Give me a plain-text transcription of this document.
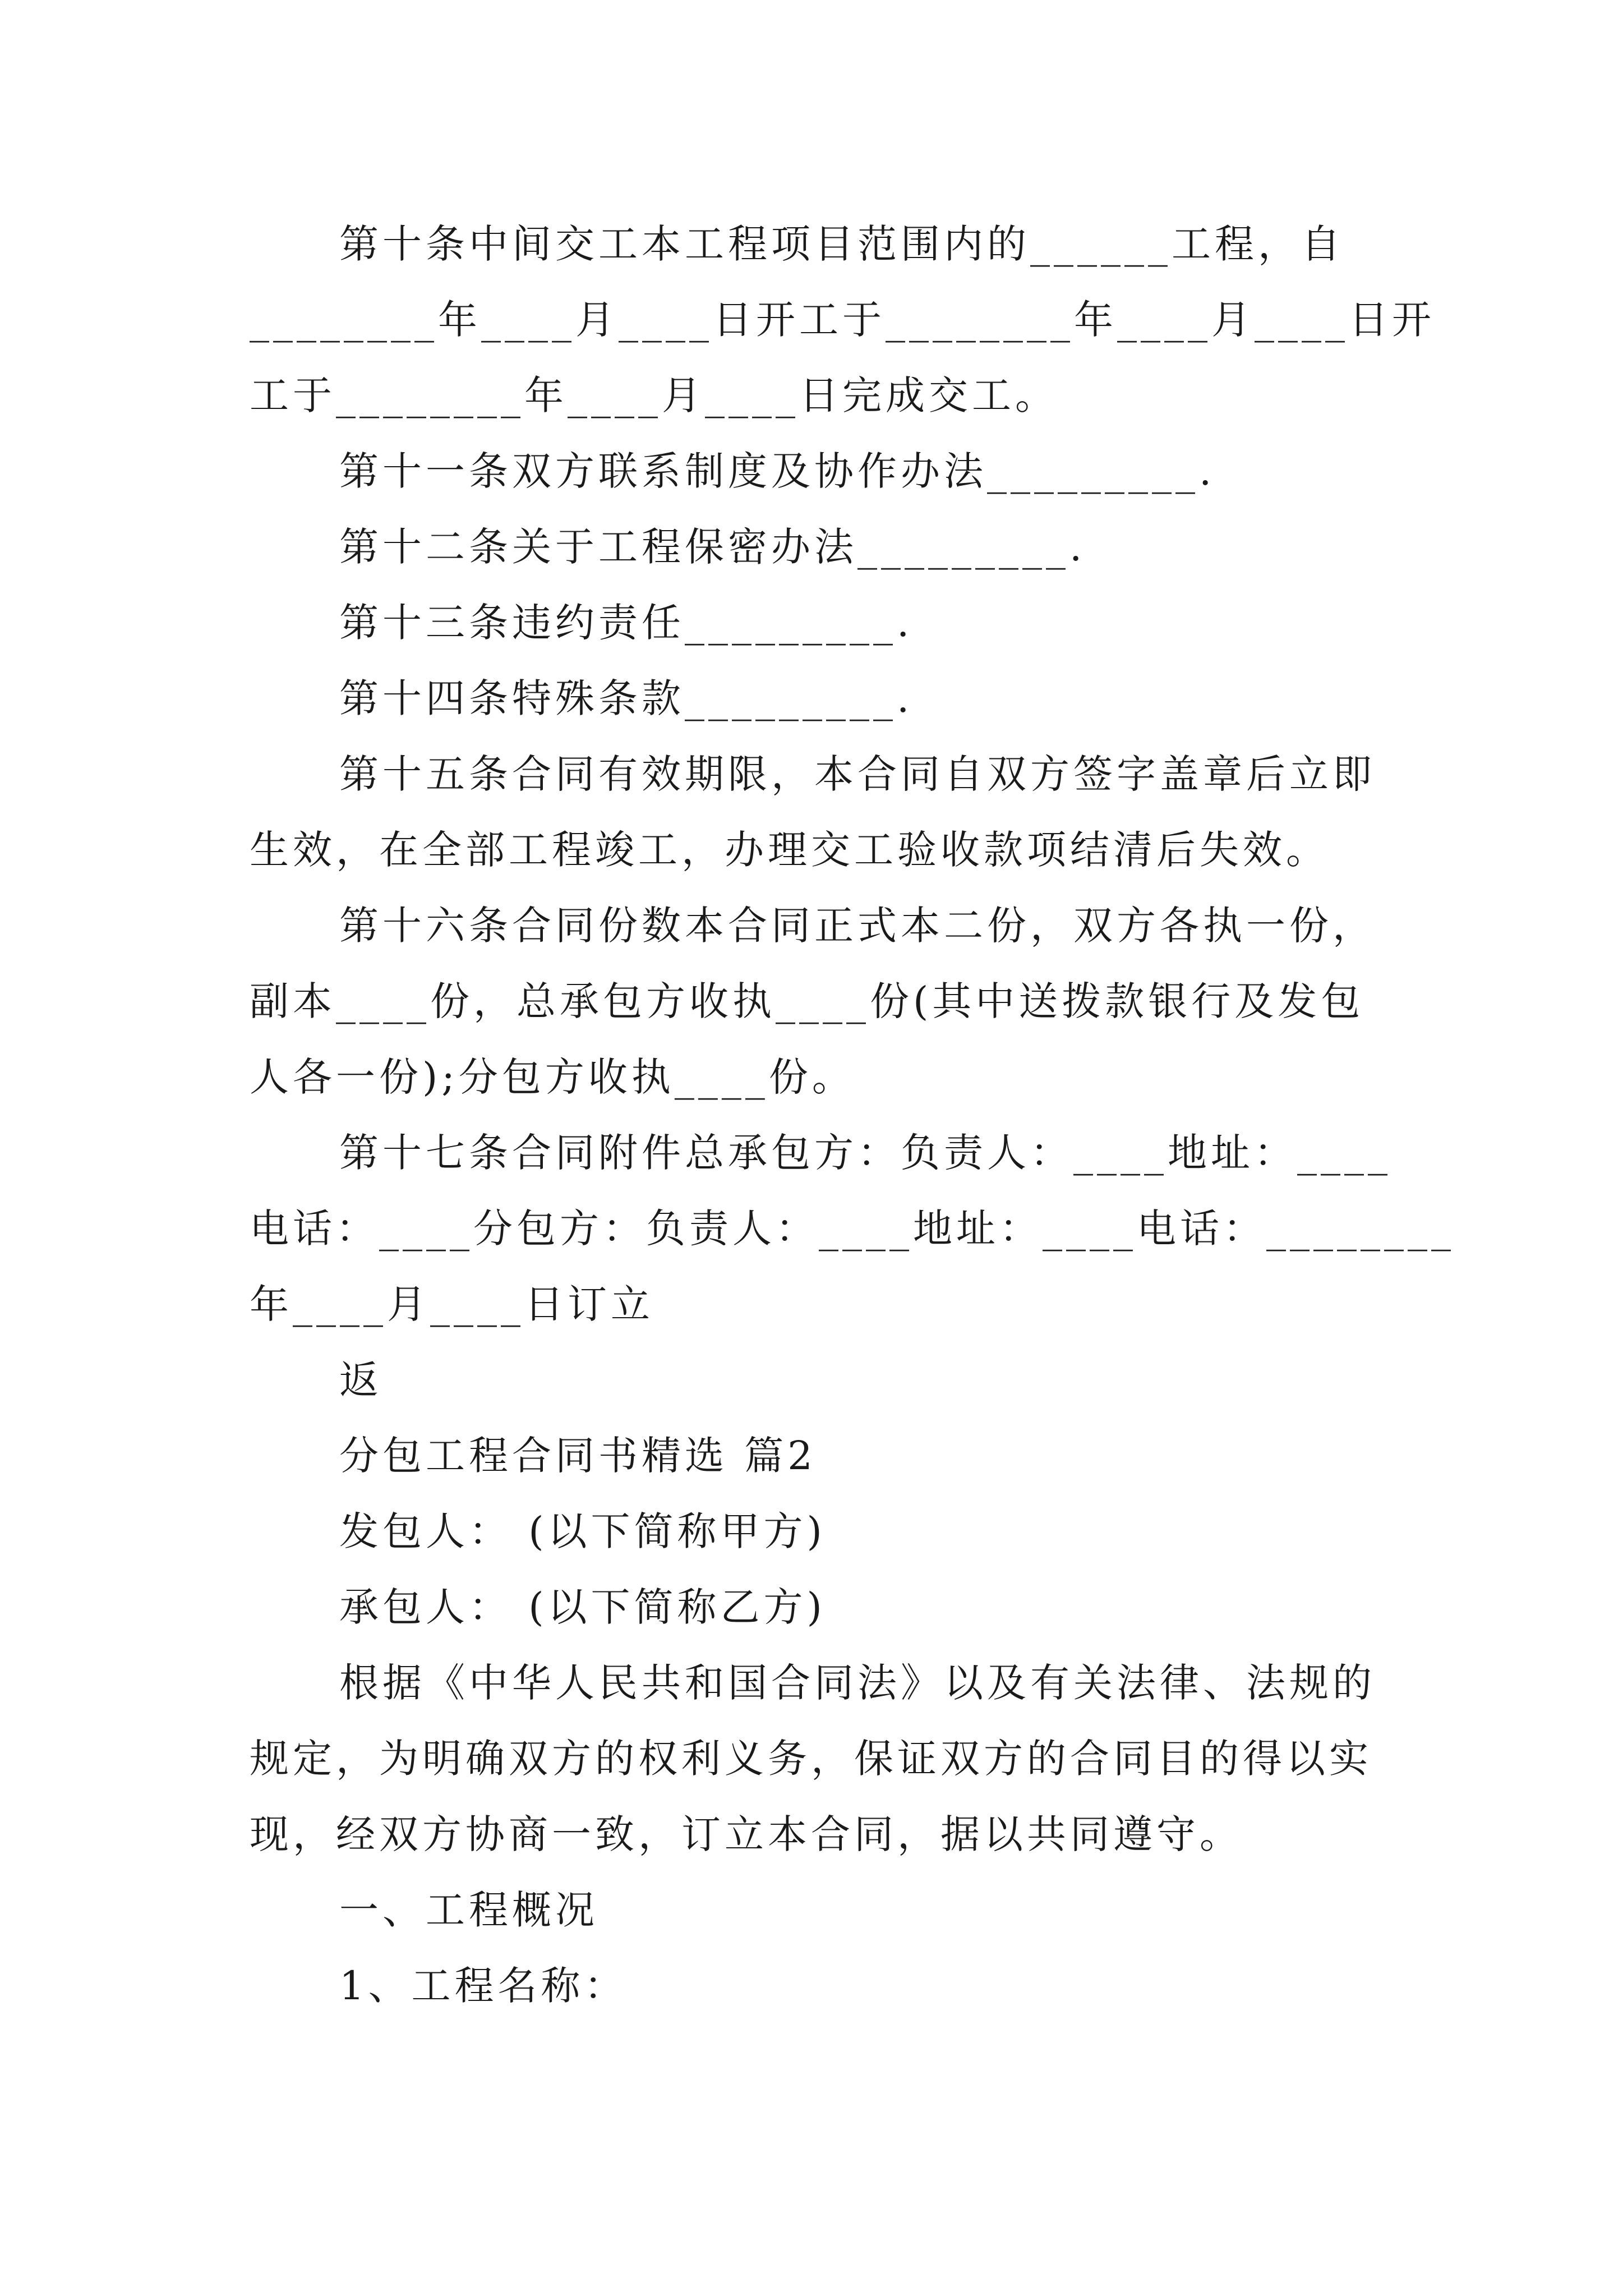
第十条中间交工本工程项目范围内的______工程，自
________年____月____日开工于________年____月____日开
工于________年____月____日完成交工。
第十一条双方联系制度及协作办法_________.
第十二条关于工程保密办法_________.
第十三条违约责任_________.
第十四条特殊条款_________.
第十五条合同有效期限，本合同自双方签字盖章后立即
生效，在全部工程竣工，办理交工验收款项结清后失效。
第十六条合同份数本合同正式本二份，双方各执一份，
副本____份，总承包方收执____份(其中送拨款银行及发包
人各一份);分包方收执____份。
第十七条合同附件总承包方：负责人：____地址：____
电话：____分包方：负责人：____地址：____电话：________
年____月____日订立
返
分包工程合同书精选 篇2
发包人： (以下简称甲方)
承包人： (以下简称乙方)
根据《中华人民共和国合同法》以及有关法律、法规的
规定，为明确双方的权利义务，保证双方的合同目的得以实
现，经双方协商一致，订立本合同，据以共同遵守。
一、工程概况
1、工程名称：
